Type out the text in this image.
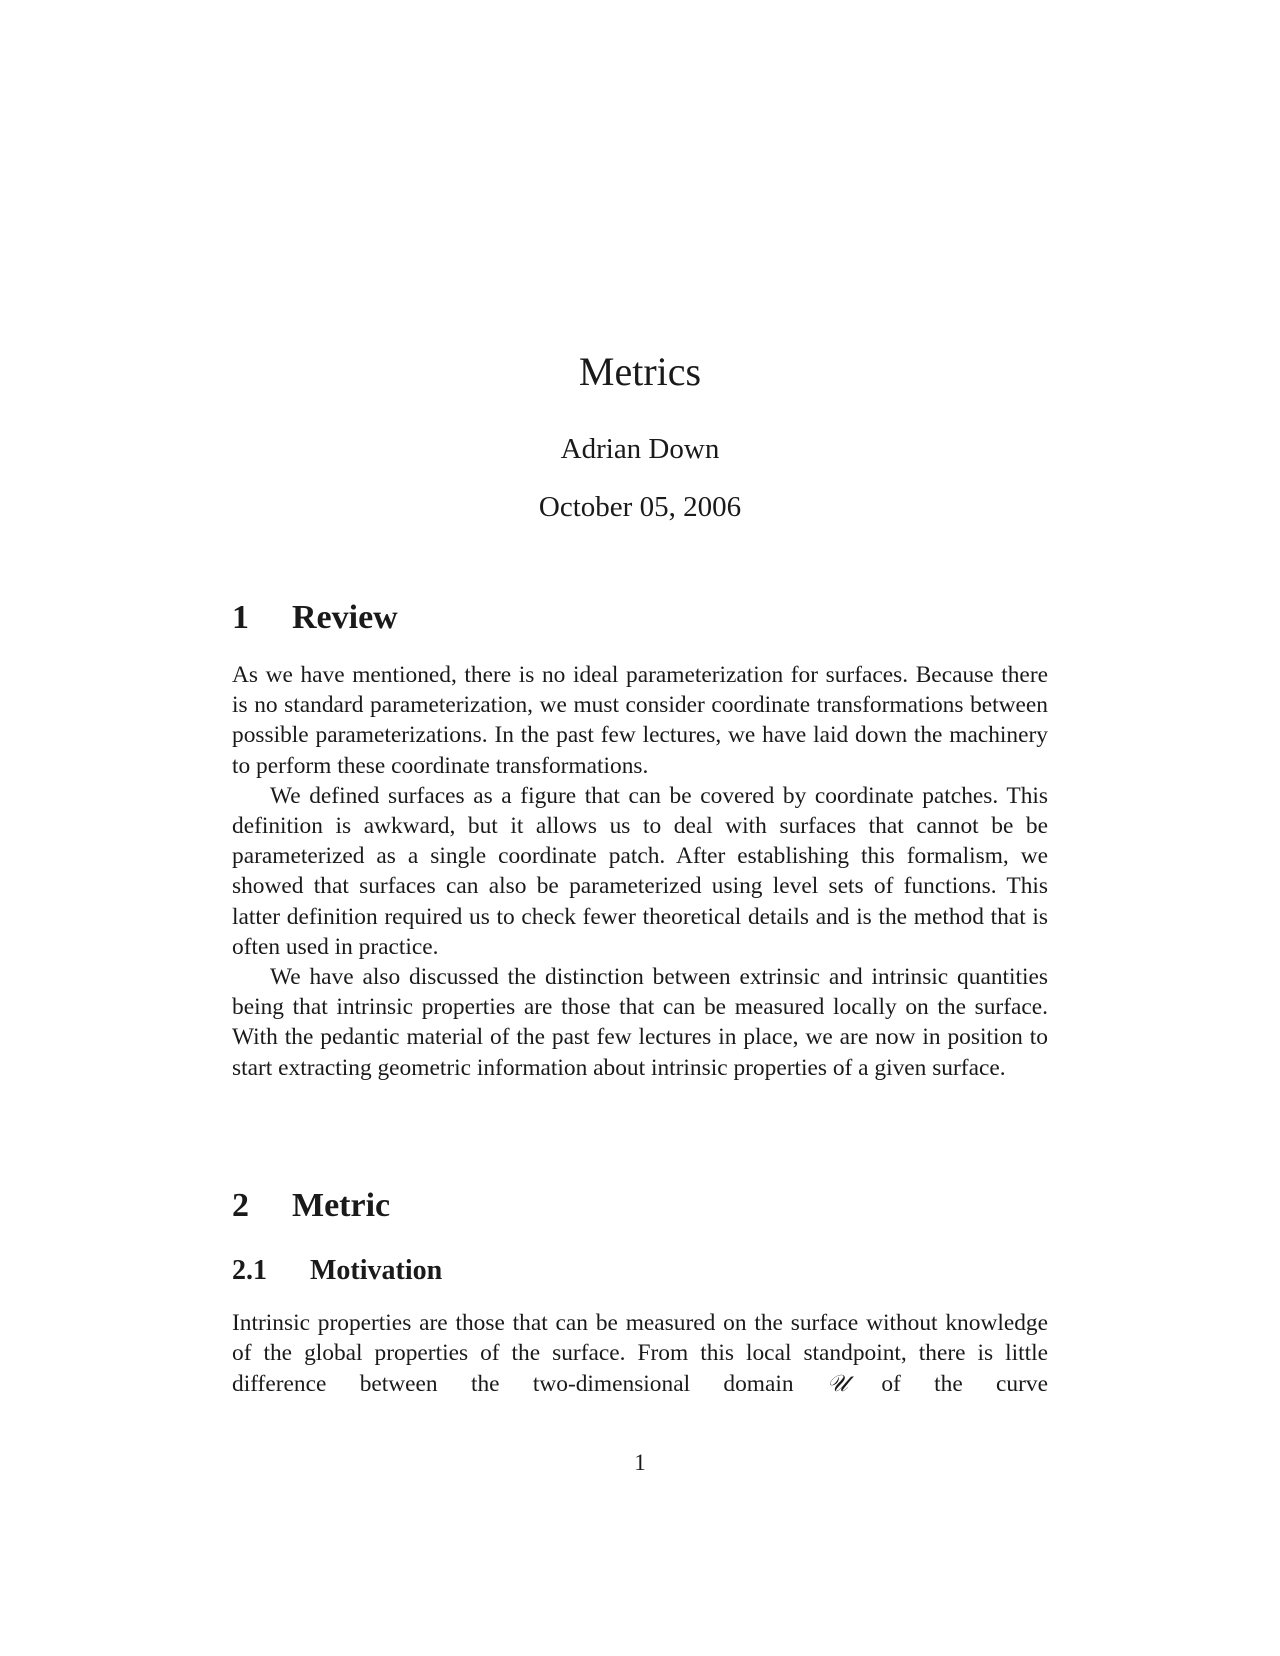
Metrics
Adrian Down
October 05, 2006
1	Review

As we have mentioned, there is no ideal parameterization for surfaces. Because there is no standard parameterization, we must consider coordinate transformations between possible parameterizations. In the past few lectures, we have laid down the machinery to perform these coordinate transformations.

We defined surfaces as a figure that can be covered by coordinate patches. This definition is awkward, but it allows us to deal with surfaces that cannot be be parameterized as a single coordinate patch. After establishing this formalism, we showed that surfaces can also be parameterized using level sets of functions. This latter definition required us to check fewer theoretical details and is the method that is often used in practice.

We have also discussed the distinction between extrinsic and intrinsic quantities being that intrinsic properties are those that can be measured locally on the surface. With the pedantic material of the past few lectures in place, we are now in position to start extracting geometric information about intrinsic properties of a given surface.

2	Metric
2.1	Motivation

Intrinsic properties are those that can be measured on the surface without knowledge of the global properties of the surface. From this local standpoint, there is little difference between the two-dimensional domain 𝒰 of the curve

1
